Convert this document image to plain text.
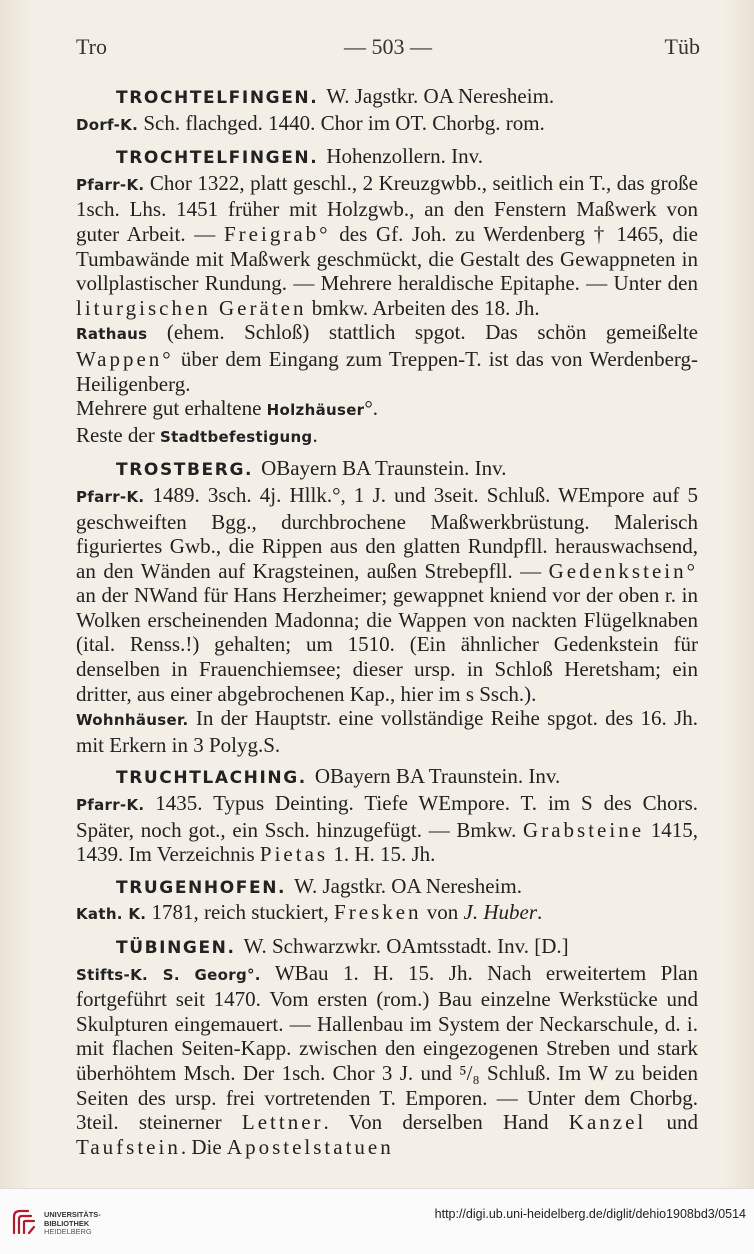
Tro	— 503 —	Tüb

TROCHTELFINGEN. W. Jagstkr. OA Neresheim.

Dorf-K. Sch. flachged. 1440. Chor im OT. Chorbg. rom.

TROCHTELFINGEN. Hohenzollern. Inv.

Pfarr-K. Chor 1322, platt geschl., 2 Kreuzgwbb., seitlich ein T., das große 1sch. Lhs. 1451 früher mit Holzgwb., an den Fenstern Maßwerk von guter Arbeit. — Freigrab° des Gf. Joh. zu Werdenberg † 1465, die Tumbawände mit Maßwerk geschmückt, die Gestalt des Gewappneten in vollplastischer Rundung. — Mehrere heraldische Epitaphe. — Unter den liturgischen Geräten bmkw. Arbeiten des 18. Jh.

Rathaus (ehem. Schloß) stattlich spgot. Das schön gemeißelte Wappen° über dem Eingang zum Treppen-T. ist das von Werdenberg-Heiligenberg.

Mehrere gut erhaltene Holzhäuser°.

Reste der Stadtbefestigung.

TROSTBERG. OBayern BA Traunstein. Inv.

Pfarr-K. 1489. 3sch. 4j. Hllk.°, 1 J. und 3seit. Schluß. WEmpore auf 5 geschweiften Bgg., durchbrochene Maßwerkbrüstung. Malerisch figuriertes Gwb., die Rippen aus den glatten Rundpfll. herauswachsend, an den Wänden auf Kragsteinen, außen Strebepfll. — Gedenkstein° an der NWand für Hans Herzheimer; gewappnet kniend vor der oben r. in Wolken erscheinenden Madonna; die Wappen von nackten Flügelknaben (ital. Renss.!) gehalten; um 1510. (Ein ähnlicher Gedenkstein für denselben in Frauenchiemsee; dieser ursp. in Schloß Heretsham; ein dritter, aus einer abgebrochenen Kap., hier im s Ssch.).

Wohnhäuser. In der Hauptstr. eine vollständige Reihe spgot. des 16. Jh. mit Erkern in 3 Polyg.S.

TRUCHTLACHING. OBayern BA Traunstein. Inv.

Pfarr-K. 1435. Typus Deinting. Tiefe WEmpore. T. im S des Chors. Später, noch got., ein Ssch. hinzugefügt. — Bmkw. Grabsteine 1415, 1439. Im Verzeichnis Pietas 1. H. 15. Jh.

TRUGENHOFEN. W. Jagstkr. OA Neresheim.

Kath. K. 1781, reich stuckiert, Fresken von J. Huber.

TÜBINGEN. W. Schwarzwkr. OAmtsstadt. Inv. [D.]

Stifts-K. S. Georg°. WBau 1. H. 15. Jh. Nach erweitertem Plan fortgeführt seit 1470. Vom ersten (rom.) Bau einzelne Werkstücke und Skulpturen eingemauert. — Hallenbau im System der Neckarschule, d. i. mit flachen Seiten-Kapp. zwischen den eingezogenen Streben und stark überhöhtem Msch. Der 1sch. Chor 3 J. und ⁵/₈ Schluß. Im W zu beiden Seiten des ursp. frei vortretenden T. Emporen. — Unter dem Chorbg. 3teil. steinerner Lettner. Von derselben Hand Kanzel und Taufstein. Die Apostelstatuen

UNIVERSITÄTS-
BIBLIOTHEK
HEIDELBERG
http://digi.ub.uni-heidelberg.de/diglit/dehio1908bd3/0514
